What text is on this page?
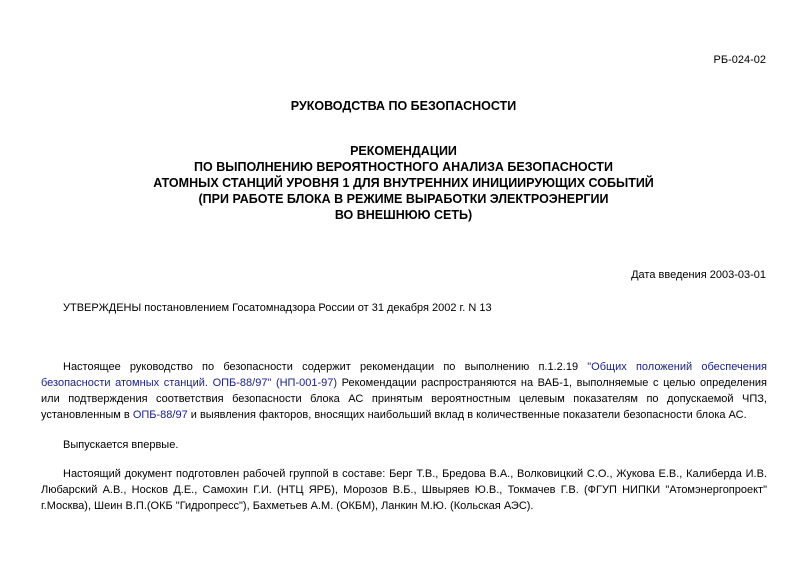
РБ-024-02
РУКОВОДСТВА ПО БЕЗОПАСНОСТИ
РЕКОМЕНДАЦИИ
ПО ВЫПОЛНЕНИЮ ВЕРОЯТНОСТНОГО АНАЛИЗА БЕЗОПАСНОСТИ
АТОМНЫХ СТАНЦИЙ УРОВНЯ 1 ДЛЯ ВНУТРЕННИХ ИНИЦИИРУЮЩИХ СОБЫТИЙ
(ПРИ РАБОТЕ БЛОКА В РЕЖИМЕ ВЫРАБОТКИ ЭЛЕКТРОЭНЕРГИИ
ВО ВНЕШНЮЮ СЕТЬ)
Дата введения 2003-03-01
УТВЕРЖДЕНЫ постановлением Госатомнадзора России от 31 декабря 2002 г. N 13
Настоящее руководство по безопасности содержит рекомендации по выполнению п.1.2.19 "Общих положений обеспечения безопасности атомных станций. ОПБ-88/97" (НП-001-97) Рекомендации распространяются на ВАБ-1, выполняемые с целью определения или подтверждения соответствия безопасности блока АС принятым вероятностным целевым показателям по допускаемой ЧПЗ, установленным в ОПБ-88/97 и выявления факторов, вносящих наибольший вклад в количественные показатели безопасности блока АС.
Выпускается впервые.
Настоящий документ подготовлен рабочей группой в составе: Берг Т.В., Бредова В.А., Волковицкий С.О., Жукова Е.В., Калиберда И.В. Любарский А.В., Носков Д.Е., Самохин Г.И. (НТЦ ЯРБ), Морозов В.Б., Швыряев Ю.В., Токмачев Г.В. (ФГУП НИПКИ "Атомэнергопроект" г.Москва), Шеин В.П.(ОКБ "Гидропресс"), Бахметьев А.М. (ОКБМ), Ланкин М.Ю. (Кольская АЭС).
